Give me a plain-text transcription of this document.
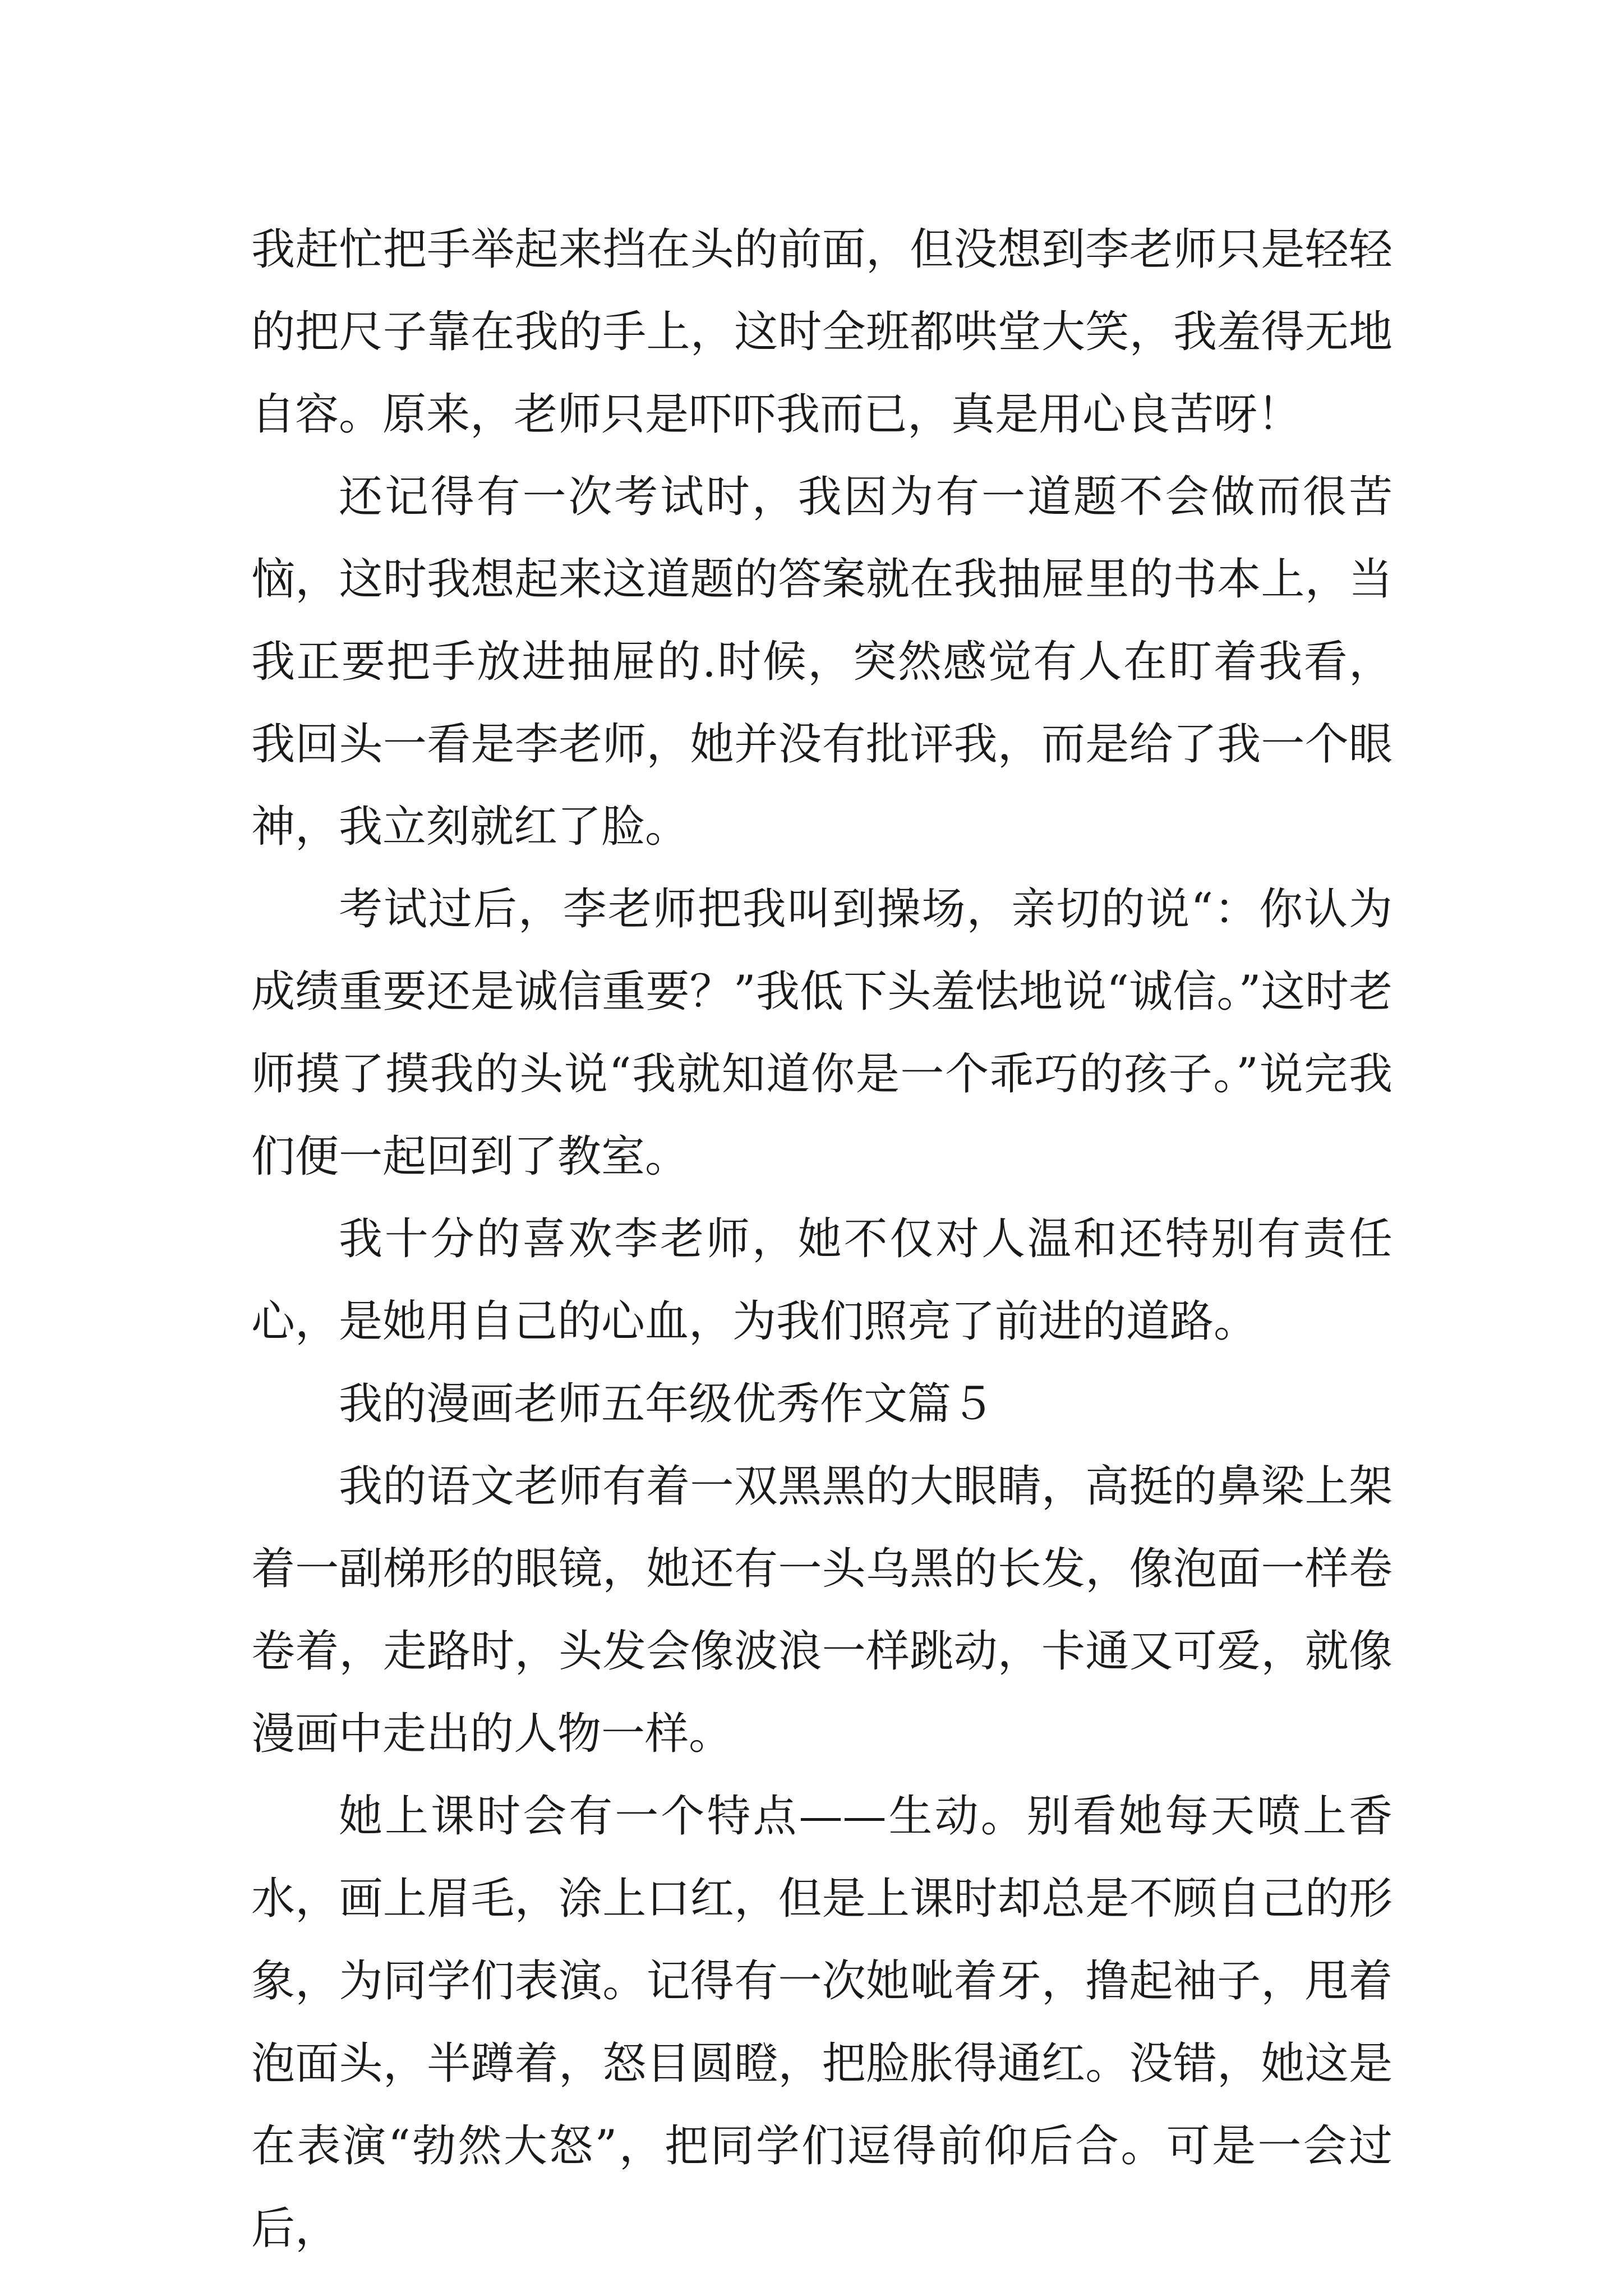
我赶忙把手举起来挡在头的前面，但没想到李老师只是轻轻的把尺子靠在我的手上，这时全班都哄堂大笑，我羞得无地自容。原来，老师只是吓吓我而已，真是用心良苦呀！

还记得有一次考试时，我因为有一道题不会做而很苦恼，这时我想起来这道题的答案就在我抽屉里的书本上，当我正要把手放进抽屉的.时候，突然感觉有人在盯着我看，我回头一看是李老师，她并没有批评我，而是给了我一个眼神，我立刻就红了脸。

考试过后，李老师把我叫到操场，亲切的说“：你认为成绩重要还是诚信重要？”我低下头羞怯地说“诚信。”这时老师摸了摸我的头说“我就知道你是一个乖巧的孩子。”说完我们便一起回到了教室。

我十分的喜欢李老师，她不仅对人温和还特别有责任心，是她用自己的心血，为我们照亮了前进的道路。

我的漫画老师五年级优秀作文篇５

我的语文老师有着一双黑黑的大眼睛，高挺的鼻梁上架着一副梯形的眼镜，她还有一头乌黑的长发，像泡面一样卷卷着，走路时，头发会像波浪一样跳动，卡通又可爱，就像漫画中走出的人物一样。

她上课时会有一个特点——生动。别看她每天喷上香水，画上眉毛，涂上口红，但是上课时却总是不顾自己的形象，为同学们表演。记得有一次她呲着牙，撸起袖子，甩着泡面头，半蹲着，怒目圆瞪，把脸胀得通红。没错，她这是在表演“勃然大怒”，把同学们逗得前仰后合。可是一会过后，
